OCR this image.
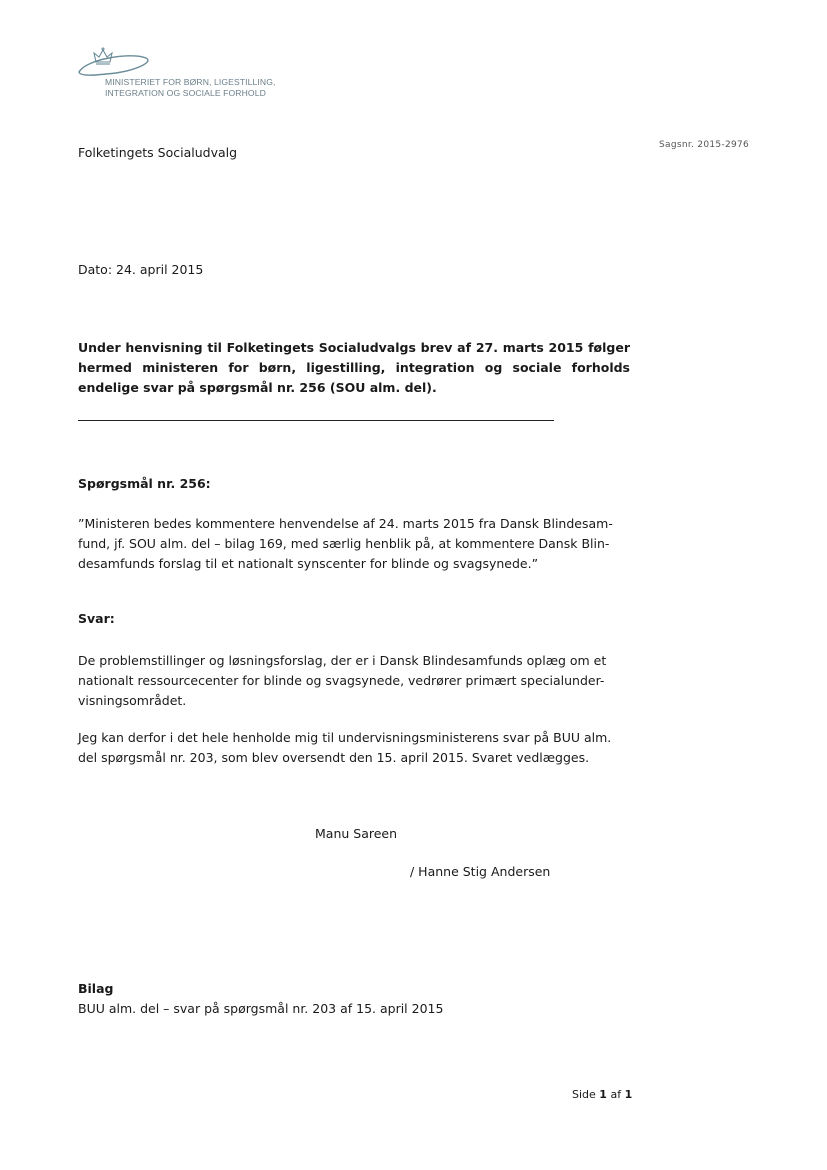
MINISTERIET FOR BØRN, LIGESTILLING,
INTEGRATION OG SOCIALE FORHOLD
Folketingets Socialudvalg	Sagsnr. 2015-2976
Dato: 24. april 2015
Under henvisning til Folketingets Socialudvalgs brev af 27. marts 2015 følger hermed ministeren for børn, ligestilling, integration og sociale forholds endelige svar på spørgsmål nr. 256 (SOU alm. del).
Spørgsmål nr. 256:
”Ministeren bedes kommentere henvendelse af 24. marts 2015 fra Dansk Blindesam-
fund, jf. SOU alm. del – bilag 169, med særlig henblik på, at kommentere Dansk Blin-
desamfunds forslag til et nationalt synscenter for blinde og svagsynede.”
Svar:
De problemstillinger og løsningsforslag, der er i Dansk Blindesamfunds oplæg om et
nationalt ressourcecenter for blinde og svagsynede, vedrører primært specialunder-
visningsområdet.
Jeg kan derfor i det hele henholde mig til undervisningsministerens svar på BUU alm.
del spørgsmål nr. 203, som blev oversendt den 15. april 2015. Svaret vedlægges.
Manu Sareen
/ Hanne Stig Andersen
Bilag
BUU alm. del – svar på spørgsmål nr. 203 af 15. april 2015
Side 1 af 1
